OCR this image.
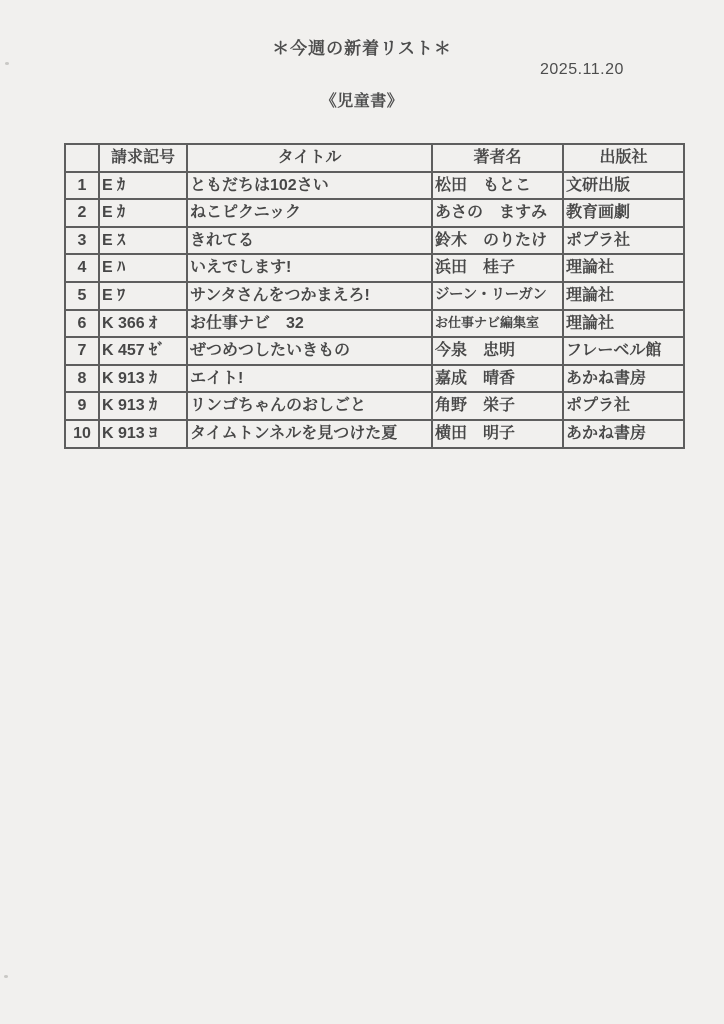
＊今週の新着リスト＊
2025.11.20
《児童書》
	請求記号	タイトル	著者名	出版社
1	E ｶ	ともだちは102さい	松田　もとこ	文研出版
2	E ｶ	ねこピクニック	あさの　ますみ	教育画劇
3	E ｽ	きれてる	鈴木　のりたけ	ポプラ社
4	E ﾊ	いえでします!	浜田　桂子	理論社
5	E ﾜ	サンタさんをつかまえろ!	ジーン・リーガン	理論社
6	K 366 ｵ	お仕事ナビ　32	お仕事ナビ編集室	理論社
7	K 457 ｾﾞ	ぜつめつしたいきもの	今泉　忠明	フレーベル館
8	K 913 ｶ	エイト!	嘉成　晴香	あかね書房
9	K 913 ｶ	リンゴちゃんのおしごと	角野　栄子	ポプラ社
10	K 913 ﾖ	タイムトンネルを見つけた夏	横田　明子	あかね書房
